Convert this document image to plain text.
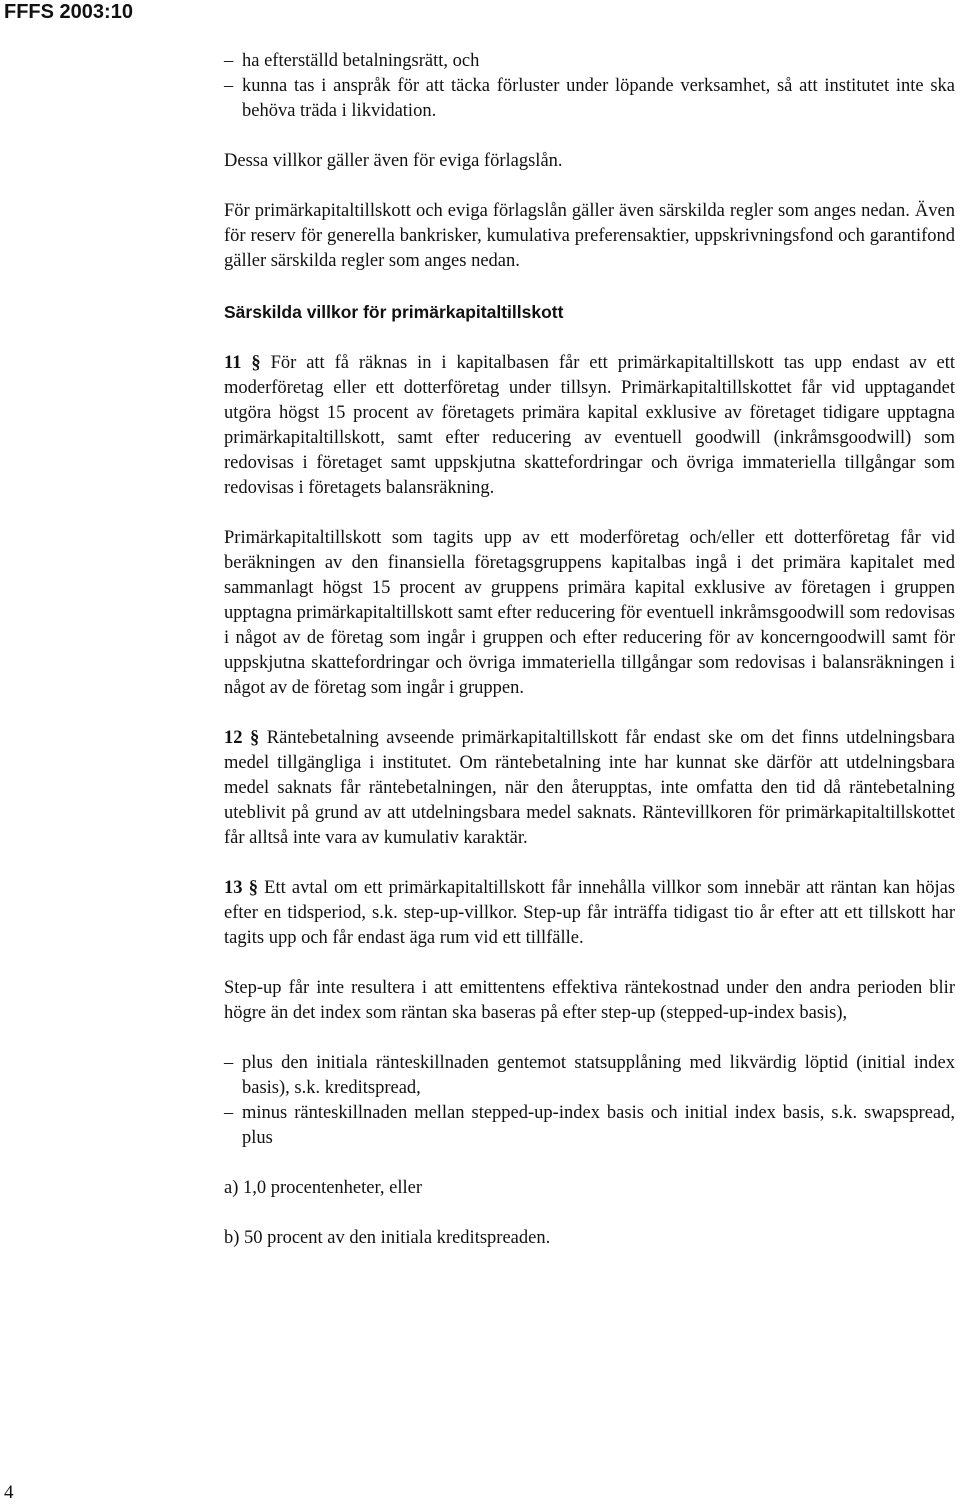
FFFS 2003:10
– ha efterställd betalningsrätt, och
– kunna tas i anspråk för att täcka förluster under löpande verksamhet, så att institutet inte ska behöva träda i likvidation.
Dessa villkor gäller även för eviga förlagslån.
För primärkapitaltillskott och eviga förlagslån gäller även särskilda regler som anges nedan. Även för reserv för generella bankrisker, kumulativa preferensaktier, uppskrivningsfond och garantifond gäller särskilda regler som anges nedan.
Särskilda villkor för primärkapitaltillskott
11 § För att få räknas in i kapitalbasen får ett primärkapitaltillskott tas upp endast av ett moderföretag eller ett dotterföretag under tillsyn. Primärkapitaltillskottet får vid upptagandet utgöra högst 15 procent av företagets primära kapital exklusive av företaget tidigare upptagna primärkapitaltillskott, samt efter reducering av eventuell goodwill (inkråmsgoodwill) som redovisas i företaget samt uppskjutna skattefordringar och övriga immateriella tillgångar som redovisas i företagets balansräkning.
Primärkapitaltillskott som tagits upp av ett moderföretag och/eller ett dotterföretag får vid beräkningen av den finansiella företagsgruppens kapitalbas ingå i det primära kapitalet med sammanlagt högst 15 procent av gruppens primära kapital exklusive av företagen i gruppen upptagna primärkapitaltillskott samt efter reducering för eventuell inkråmsgoodwill som redovisas i något av de företag som ingår i gruppen och efter reducering för av koncerngoodwill samt för uppskjutna skattefordringar och övriga immateriella tillgångar som redovisas i balansräkningen i något av de företag som ingår i gruppen.
12 § Räntebetalning avseende primärkapitaltillskott får endast ske om det finns utdelningsbara medel tillgängliga i institutet. Om räntebetalning inte har kunnat ske därför att utdelningsbara medel saknats får räntebetalningen, när den återupptas, inte omfatta den tid då räntebetalning uteblivit på grund av att utdelningsbara medel saknats. Räntevillkoren för primärkapitaltillskottet får alltså inte vara av kumulativ karaktär.
13 § Ett avtal om ett primärkapitaltillskott får innehålla villkor som innebär att räntan kan höjas efter en tidsperiod, s.k. step-up-villkor. Step-up får inträffa tidigast tio år efter att ett tillskott har tagits upp och får endast äga rum vid ett tillfälle.
Step-up får inte resultera i att emittentens effektiva räntekostnad under den andra perioden blir högre än det index som räntan ska baseras på efter step-up (stepped-up-index basis),
– plus den initiala ränteskillnaden gentemot statsupplåning med likvärdig löptid (initial index basis), s.k. kreditspread,
– minus ränteskillnaden mellan stepped-up-index basis och initial index basis, s.k. swapspread, plus
a) 1,0 procentenheter, eller
b) 50 procent av den initiala kreditspreaden.
4
